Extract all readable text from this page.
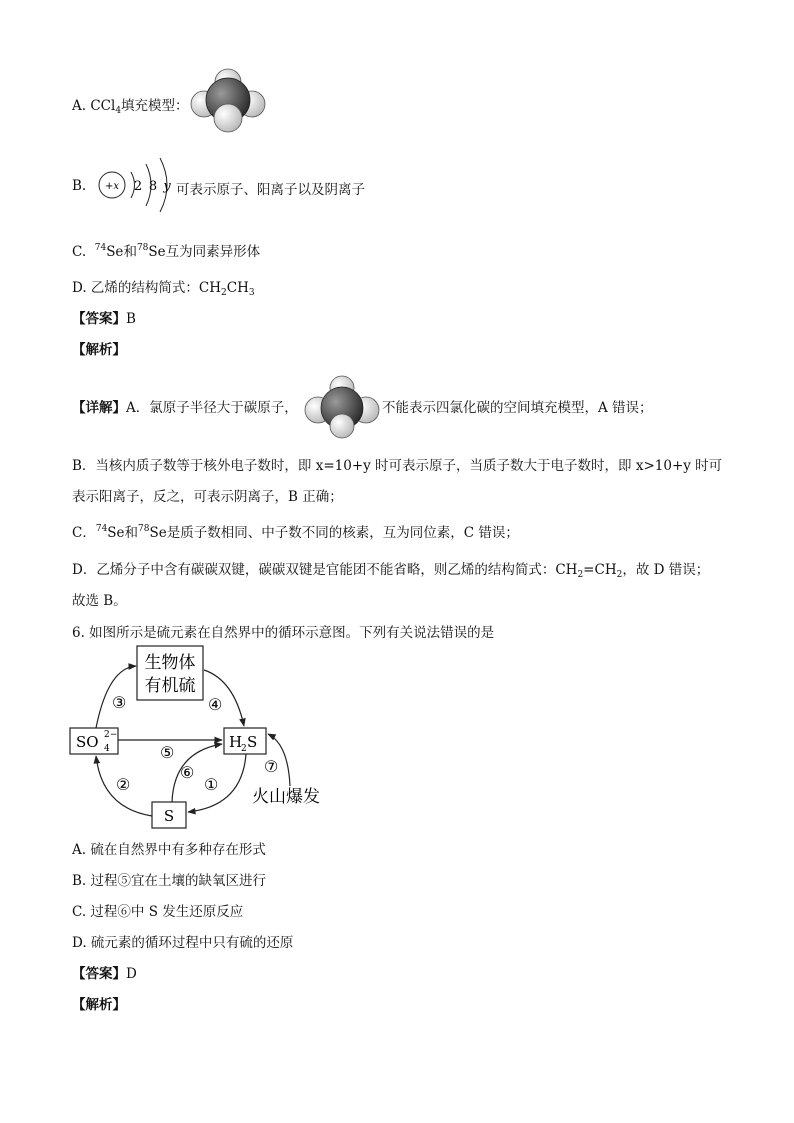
A. CCl$_4$填充模型：
B. +x 2 8 y 可表示原子、阳离子以及阴离子
C. $^{74}$Se和$^{78}$Se互为同素异形体
D. 乙烯的结构简式：$CH_2CH_3$
【答案】B
【解析】
【详解】A．氯原子半径大于碳原子，	不能表示四氯化碳的空间填充模型，A 错误；
B．当核内质子数等于核外电子数时，即 x=10+y 时可表示原子，当质子数大于电子数时，即 x>10+y 时可
表示阳离子，反之，可表示阴离子，B 正确；
C．$^{74}$Se和$^{78}$Se是质子数相同、中子数不同的核素，互为同位素，C 错误；
D．乙烯分子中含有碳碳双键，碳碳双键是官能团不能省略，则乙烯的结构简式：$CH_2=CH_2$，故 D 错误；
故选 B。
6. 如图所示是硫元素在自然界中的循环示意图。下列有关说法错误的是
生物体
有机硫
SO 4
2−	H
2 S
S
③	④
⑤
⑥
①
②
⑦
火山爆发
A. 硫在自然界中有多种存在形式
B. 过程⑤宜在土壤的缺氧区进行
C. 过程⑥中 S 发生还原反应
D. 硫元素的循环过程中只有硫的还原
【答案】D
【解析】
